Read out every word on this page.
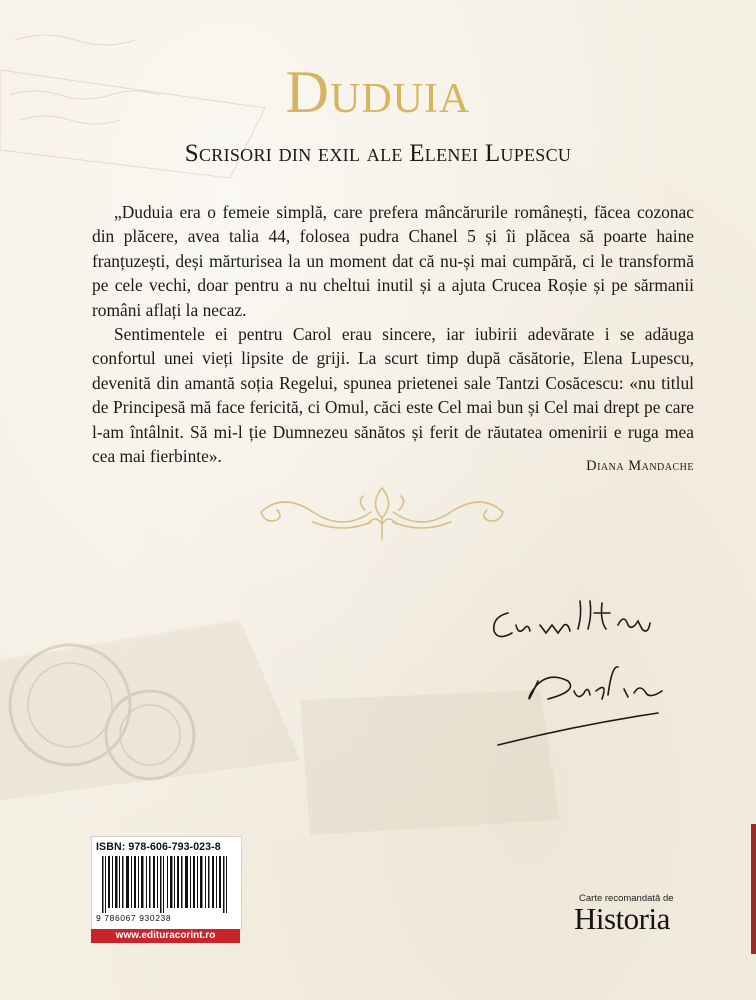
Duduia
Scrisori din exil ale Elenei Lupescu

„Duduia era o femeie simplă, care prefera mâncărurile românești, făcea cozonac din plăcere, avea talia 44, folosea pudra Chanel 5 și îi plăcea să poarte haine franțuzești, deși mărturisea la un moment dat că nu-și mai cumpără, ci le transformă pe cele vechi, doar pentru a nu cheltui inutil și a ajuta Crucea Roșie și pe sărmanii români aflați la necaz.

Sentimentele ei pentru Carol erau sincere, iar iubirii adevărate i se adăuga confortul unei vieți lipsite de griji. La scurt timp după căsătorie, Elena Lupescu, devenită din amantă soția Regelui, spunea prietenei sale Tantzi Cosăcescu: «nu titlul de Principesă mă face fericită, ci Omul, căci este Cel mai bun și Cel mai drept pe care l-am întâlnit. Să mi-l ție Dumnezeu sănătos și ferit de răutatea omenirii e ruga mea cea mai fierbinte».	Diana Mandache
ISBN: 978-606-793-023-8
9 786067 930238
www.edituracorint.ro
Carte recomandată de
Historia
